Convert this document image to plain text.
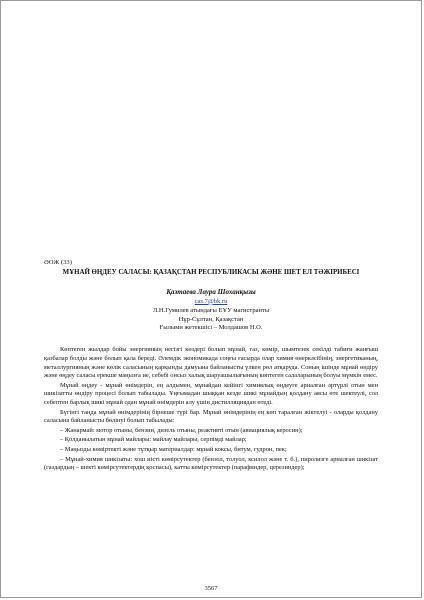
ӘОЖ (33)
МҰНАЙ ӨҢДЕУ САЛАСЫ: ҚАЗАҚСТАН РЕСПУБЛИКАСЫ ЖӘНЕ ШЕТ ЕЛ ТӘЖІРИБЕСІ
Қазтаева Лаура Шоханқызы
cas.7@bk.ru
Л.Н.Гумилев атындағы ЕҰУ магистранты
Нұр-Сұлтан, Қазақстан
Ғылыми жетекшісі – Молдашов Н.О.

Көптеген жылдар бойы энергияның негізгі көздері болып мұнай, газ, көмір, шымтезек секілді табиғи жанғыш қазбалар болды және болып қала береді. Әлемдік экономикада соңғы ғасырда олар химия өнеркәсібінің, энергетиканың, металлургияның және көлік саласының қарқынды дамуына байланысты үлкен рөл атқаруда. Соның ішінде мұнай өндіру және өңдеу саласы ерекше маңызға ие, себебі онсыз халық шаруашылығының көптеген салаларының болуы мүмкін емес.

Мұнай өңдеу - мұнай өнімдерін, ең алдымен, мұнайдан кейінгі химиялық өңдеуге арналған әртүрлі отын мен шикізатты өндіру процесі болып табылады. Ұңғымадан шыққан кезде шикі мұнайдың қолдану аясы өте шектеулі, сол себептен барлық шикі мұнай одан мұнай өнімдерін алу үшін дистилляциядан өтеді.

Бүгінгі таңда мұнай өнімдерінің бірнеше түрі бар. Мұнай өнімдерінің ең көп таралған жіктелуі - оларды қолдану саласына байланысты бөлінуі болып табылады:

– Жанармай: мотор отыны, бензин, дизель отыны, реактивті отын (авиациялық керосин);

– Қолданылатын мұнай майлары: майлау майлары, серпімді майлар;

– Маңызды көміртекті және тұтқыр материалдар: мұнай коксы, битум, гудрон, пек;

– Мұнай-химия шикізаты: хош иісті көмірсутектер (бензол, толуол, ксилол және т. б.), пиролизге арналған шикізат (газдардың – шекті көмірсутектердің қоспасы), катты көмірсутектер (парафиндер, церезиндер);

3567
